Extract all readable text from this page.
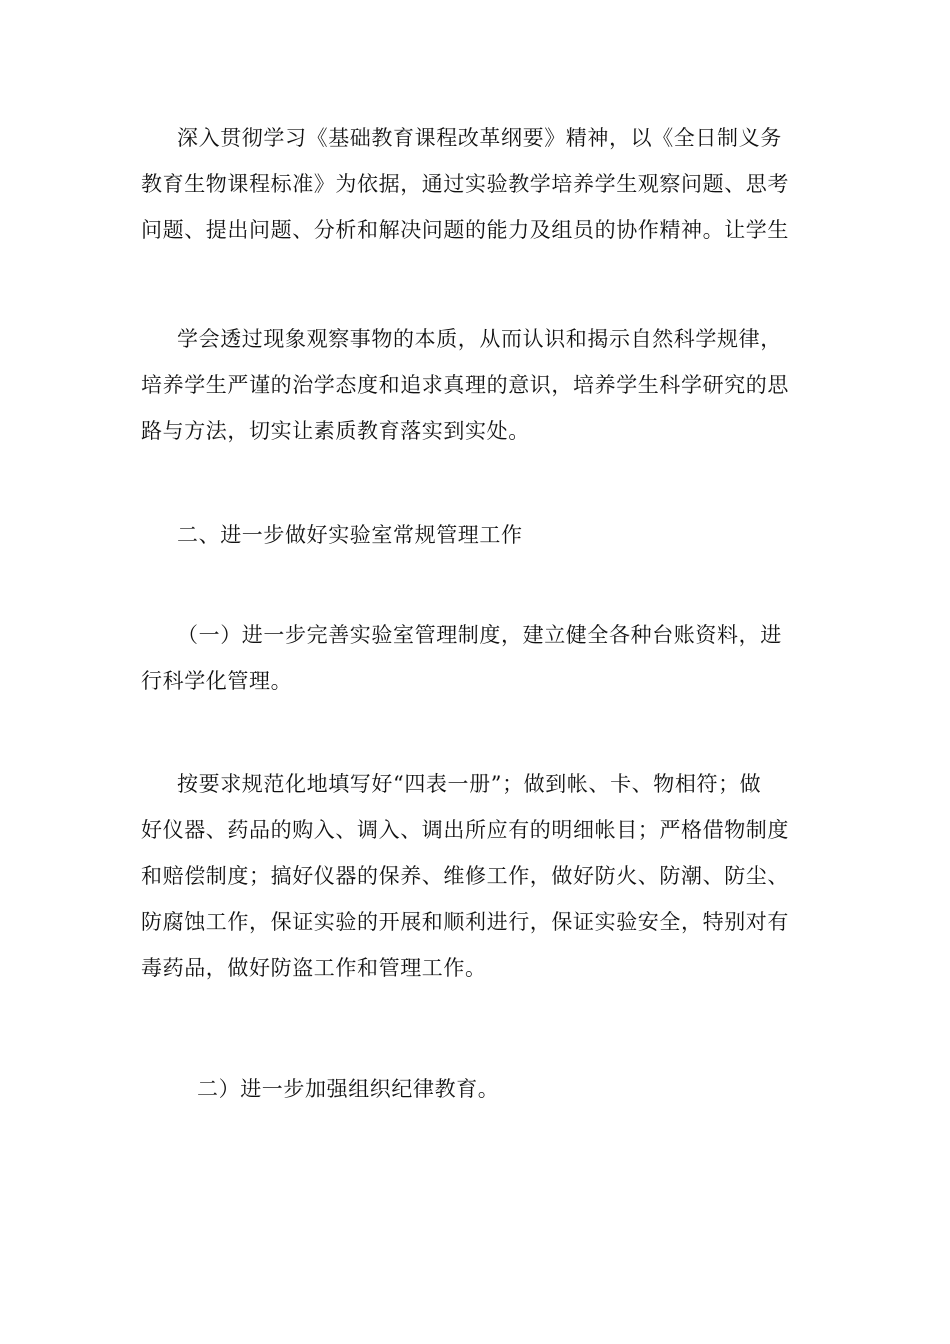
深入贯彻学习《基础教育课程改革纲要》精神，以《全日制义务
教育生物课程标准》为依据，通过实验教学培养学生观察问题、思考
问题、提出问题、分析和解决问题的能力及组员的协作精神。让学生
学会透过现象观察事物的本质，从而认识和揭示自然科学规律，
培养学生严谨的治学态度和追求真理的意识，培养学生科学研究的思
路与方法，切实让素质教育落实到实处。
二、进一步做好实验室常规管理工作
（一）进一步完善实验室管理制度，建立健全各种台账资料，进
行科学化管理。
按要求规范化地填写好“四表一册”；做到帐、卡、物相符；做
好仪器、药品的购入、调入、调出所应有的明细帐目；严格借物制度
和赔偿制度；搞好仪器的保养、维修工作，做好防火、防潮、防尘、
防腐蚀工作，保证实验的开展和顺利进行，保证实验安全，特别对有
毒药品，做好防盗工作和管理工作。
二）进一步加强组织纪律教育。
